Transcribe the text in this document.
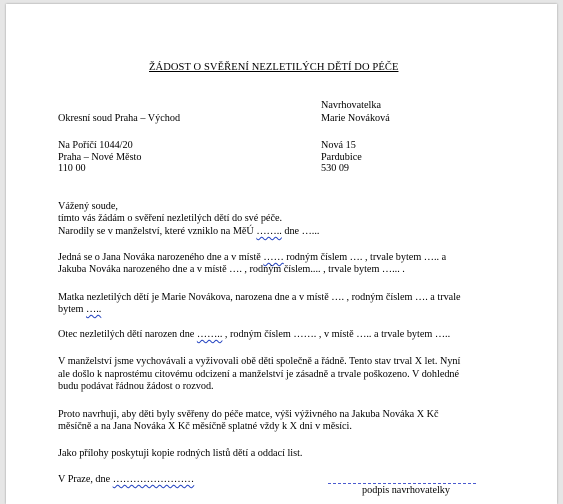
ŽÁDOST O SVĚŘENÍ NEZLETILÝCH DĚTÍ DO PÉČE
Navrhovatelka
Marie Nováková
Okresní soud Praha – Východ
Na Poříčí 1044/20
Praha – Nové Město
110 00
Nová 15
Pardubice
530 09
Vážený soude,
tímto vás žádám o svěření nezletilých dětí do své péče.
Narodily se v manželství, které vzniklo na MěÚ …….. dne …...
Jedná se o Jana Nováka narozeného dne a v místě …… rodným číslem …. , trvale bytem ….. a
Jakuba Nováka narozeného dne a v místě …. , rodným číslem.... , trvale bytem …... .
Matka nezletilých dětí je Marie Novákova, narozena dne a v místě …. , rodným číslem …. a trvale
bytem …..
Otec nezletilých dětí narozen dne …….. , rodným číslem ……. , v místě ….. a trvale bytem …..
V manželství jsme vychovávali a vyživovali obě děti společně a řádně. Tento stav trval X let. Nyní
ale došlo k naprostému citovému odcizení a manželství je zásadně a trvale poškozeno. V dohledné
budu podávat řádnou žádost o rozvod.
Proto navrhuji, aby děti byly svěřeny do péče matce, výši výživného na Jakuba Nováka X Kč
měsíčně a na Jana Nováka X Kč měsíčně splatné vždy k X dni v měsíci.
Jako přílohy poskytuji kopie rodných listů dětí a oddací list.
V Praze, dne ……………………
podpis navrhovatelky
